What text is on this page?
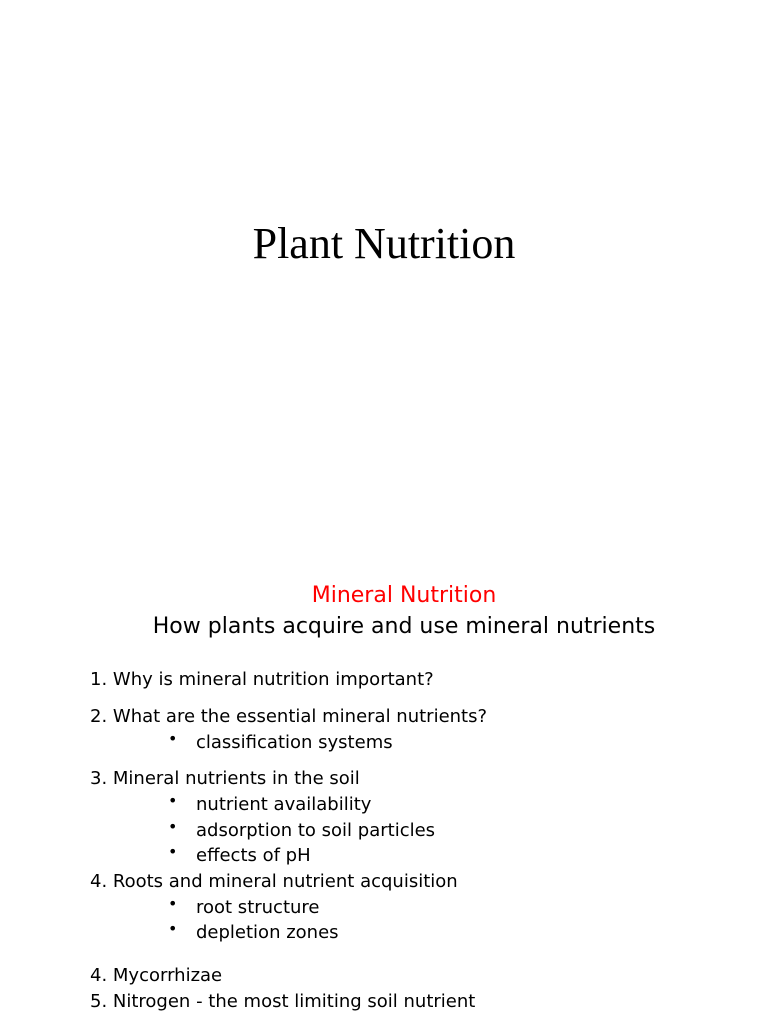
Plant Nutrition
Mineral Nutrition
How plants acquire and use mineral nutrients
1. Why is mineral nutrition important?
2. What are the essential mineral nutrients?
• classification systems
3. Mineral nutrients in the soil
• nutrient availability
• adsorption to soil particles
• effects of pH
4. Roots and mineral nutrient acquisition
• root structure
• depletion zones
4. Mycorrhizae
5. Nitrogen - the most limiting soil nutrient
